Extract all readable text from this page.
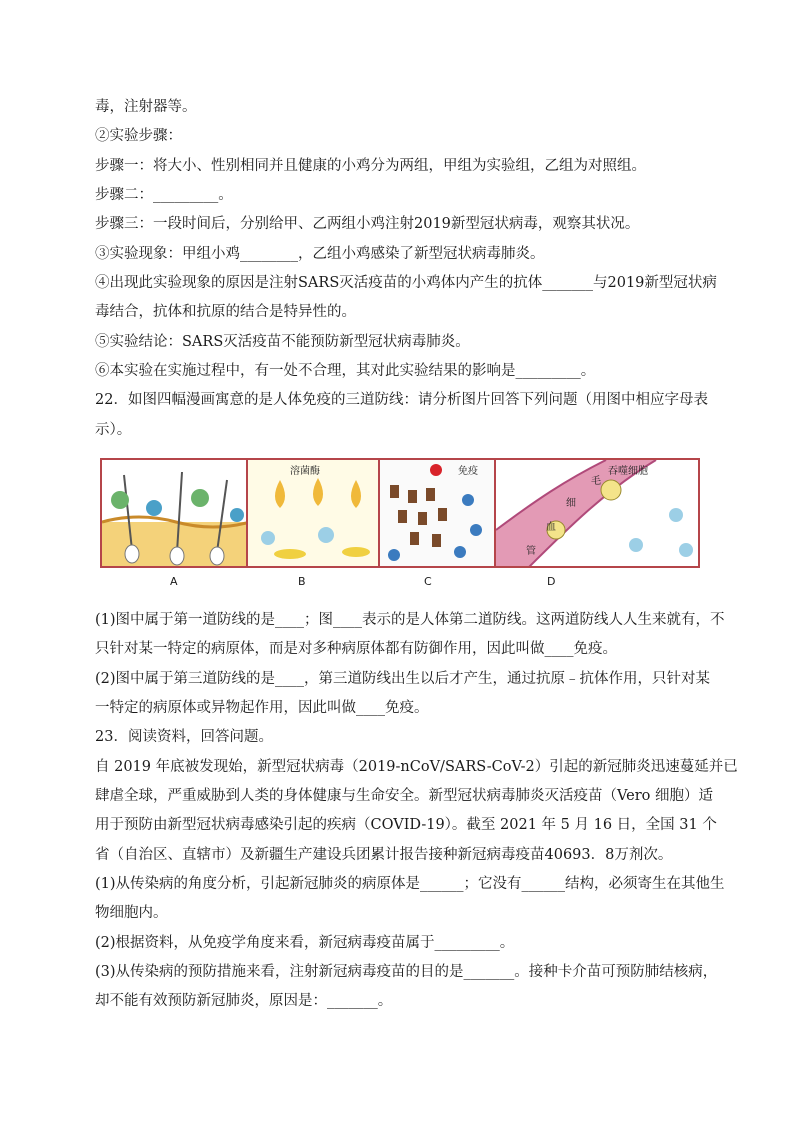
毒，注射器等。
②实验步骤：
步骤一：将大小、性别相同并且健康的小鸡分为两组，甲组为实验组，乙组为对照组。
步骤二：_________。
步骤三：一段时间后，分别给甲、乙两组小鸡注射2019新型冠状病毒，观察其状况。
③实验现象：甲组小鸡________，乙组小鸡感染了新型冠状病毒肺炎。
④出现此实验现象的原因是注射SARS灭活疫苗的小鸡体内产生的抗体_______与2019新型冠状病
毒结合，抗体和抗原的结合是特异性的。
⑤实验结论：SARS灭活疫苗不能预防新型冠状病毒肺炎。
⑥本实验在实施过程中，有一处不合理，其对此实验结果的影响是_________。
22．如图四幅漫画寓意的是人体免疫的三道防线：请分析图片回答下列问题（用图中相应字母表
示）。
溶菌酶	免疫	吞噬细胞
毛
细
血
管
A	B	C	D
(1)图中属于第一道防线的是____；图____表示的是人体第二道防线。这两道防线人人生来就有，不
只针对某一特定的病原体，而是对多种病原体都有防御作用，因此叫做____免疫。
(2)图中属于第三道防线的是____，第三道防线出生以后才产生，通过抗原﹣抗体作用，只针对某
一特定的病原体或异物起作用，因此叫做____免疫。
23．阅读资料，回答问题。
自 2019 年底被发现始，新型冠状病毒（2019-nCoV/SARS-CoV-2）引起的新冠肺炎迅速蔓延并已
肆虐全球，严重威胁到人类的身体健康与生命安全。新型冠状病毒肺炎灭活疫苗（Vero 细胞）适
用于预防由新型冠状病毒感染引起的疾病（COVID-19）。截至 2021 年 5 月 16 日，全国 31 个
省（自治区、直辖市）及新疆生产建设兵团累计报告接种新冠病毒疫苗40693．8万剂次。
(1)从传染病的角度分析，引起新冠肺炎的病原体是______；它没有______结构，必须寄生在其他生
物细胞内。
(2)根据资料，从免疫学角度来看，新冠病毒疫苗属于_________。
(3)从传染病的预防措施来看，注射新冠病毒疫苗的目的是_______。接种卡介苗可预防肺结核病，
却不能有效预防新冠肺炎，原因是：_______。
